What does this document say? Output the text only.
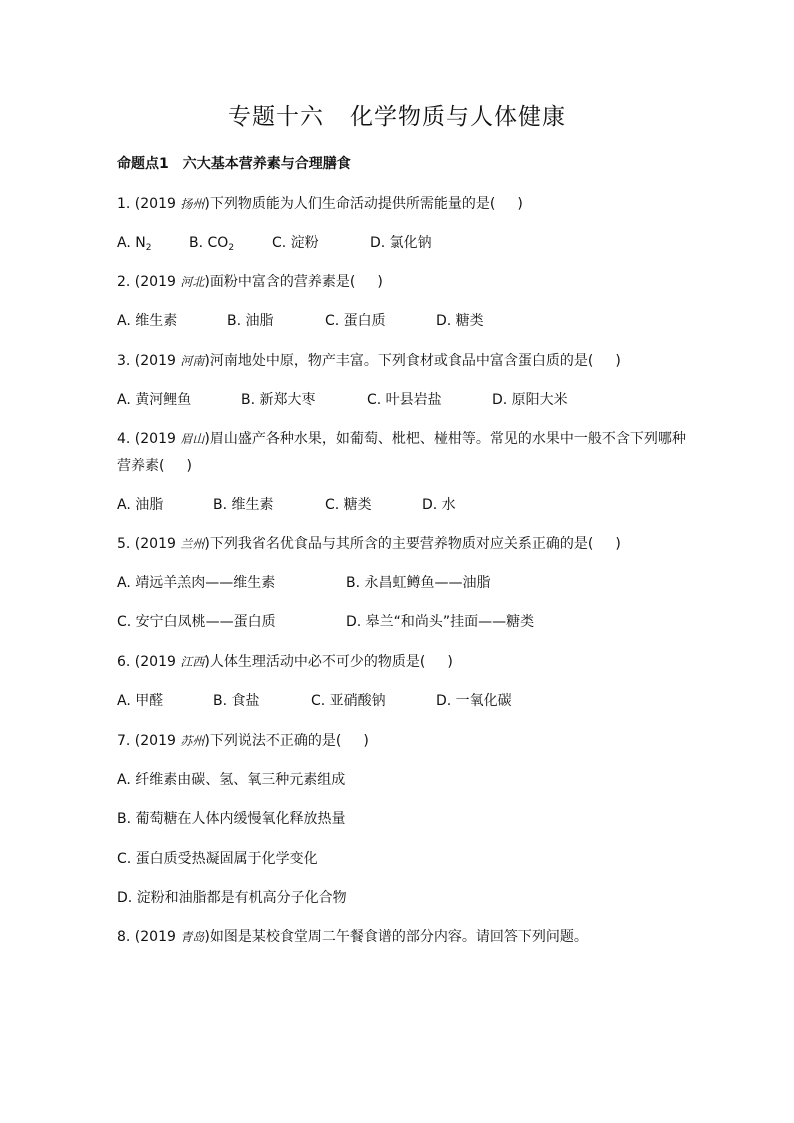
专题十六 化学物质与人体健康
命题点1 六大基本营养素与合理膳食
1. (2019 扬州)下列物质能为人们生命活动提供所需能量的是( )
A. $N_2$	B. $CO_2$	C. 淀粉	D. 氯化钠
2. (2019 河北)面粉中富含的营养素是( )
A. 维生素	B. 油脂	C. 蛋白质	D. 糖类
3. (2019 河南)河南地处中原，物产丰富。下列食材或食品中富含蛋白质的是( )
A. 黄河鲤鱼	B. 新郑大枣	C. 叶县岩盐	D. 原阳大米
4. (2019 眉山)眉山盛产各种水果，如葡萄、枇杷、椪柑等。常见的水果中一般不含下列哪种
营养素( )
A. 油脂	B. 维生素	C. 糖类	D. 水
5. (2019 兰州)下列我省名优食品与其所含的主要营养物质对应关系正确的是( )
A. 靖远羊羔肉——维生素	B. 永昌虹鳟鱼——油脂
C. 安宁白凤桃——蛋白质	D. 皋兰“和尚头”挂面——糖类
6. (2019 江西)人体生理活动中必不可少的物质是( )
A. 甲醛	B. 食盐	C. 亚硝酸钠	D. 一氧化碳
7. (2019 苏州)下列说法不正确的是( )
A. 纤维素由碳、氢、氧三种元素组成
B. 葡萄糖在人体内缓慢氧化释放热量
C. 蛋白质受热凝固属于化学变化
D. 淀粉和油脂都是有机高分子化合物
8. (2019 青岛)如图是某校食堂周二午餐食谱的部分内容。请回答下列问题。
